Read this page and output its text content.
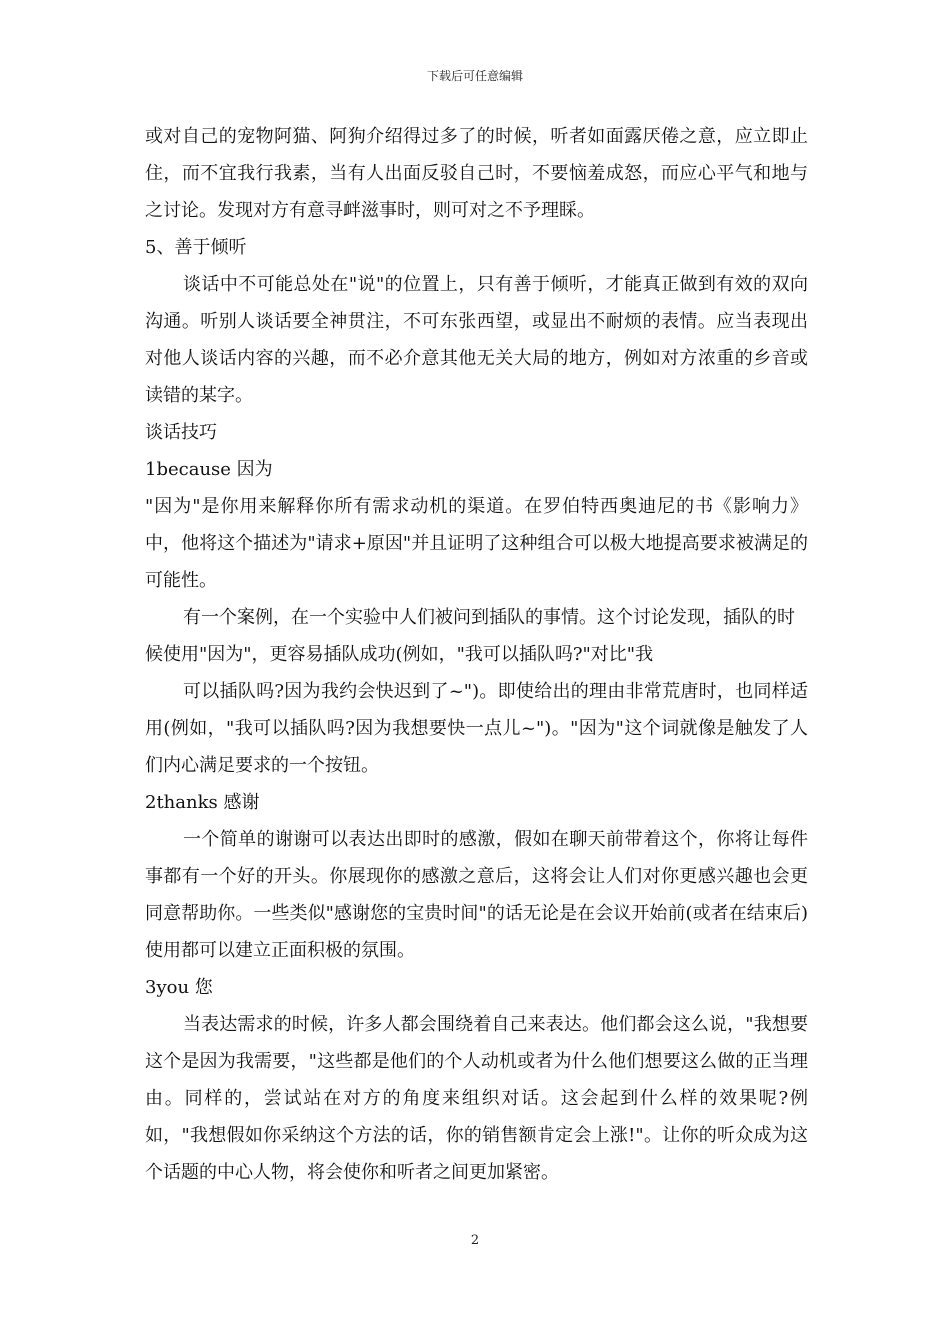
下载后可任意编辑

或对自己的宠物阿猫、阿狗介绍得过多了的时候，听者如面露厌倦之意，应立即止住，而不宜我行我素，当有人出面反驳自己时，不要恼羞成怒，而应心平气和地与之讨论。发现对方有意寻衅滋事时，则可对之不予理睬。

5、善于倾听

谈话中不可能总处在"说"的位置上，只有善于倾听，才能真正做到有效的双向沟通。听别人谈话要全神贯注，不可东张西望，或显出不耐烦的表情。应当表现出对他人谈话内容的兴趣，而不必介意其他无关大局的地方，例如对方浓重的乡音或读错的某字。

谈话技巧

1because 因为

"因为"是你用来解释你所有需求动机的渠道。在罗伯特西奥迪尼的书《影响力》中，他将这个描述为"请求+原因"并且证明了这种组合可以极大地提高要求被满足的可能性。

有一个案例，在一个实验中人们被问到插队的事情。这个讨论发现，插队的时候使用"因为"，更容易插队成功(例如，"我可以插队吗?"对比"我

可以插队吗?因为我约会快迟到了~")。即使给出的理由非常荒唐时，也同样适用(例如，"我可以插队吗?因为我想要快一点儿~")。"因为"这个词就像是触发了人们内心满足要求的一个按钮。

2thanks 感谢

一个简单的谢谢可以表达出即时的感激，假如在聊天前带着这个，你将让每件事都有一个好的开头。你展现你的感激之意后，这将会让人们对你更感兴趣也会更同意帮助你。一些类似"感谢您的宝贵时间"的话无论是在会议开始前(或者在结束后)使用都可以建立正面积极的氛围。

3you 您

当表达需求的时候，许多人都会围绕着自己来表达。他们都会这么说，"我想要这个是因为我需要，"这些都是他们的个人动机或者为什么他们想要这么做的正当理由。同样的，尝试站在对方的角度来组织对话。这会起到什么样的效果呢?例如，"我想假如你采纳这个方法的话，你的销售额肯定会上涨!"。让你的听众成为这个话题的中心人物，将会使你和听者之间更加紧密。

2
